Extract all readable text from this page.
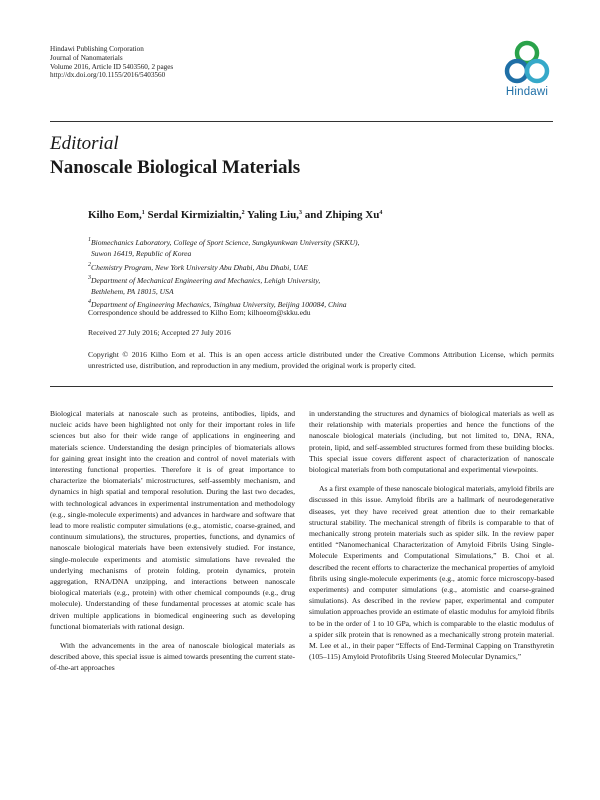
Hindawi Publishing Corporation
Journal of Nanomaterials
Volume 2016, Article ID 5403560, 2 pages
http://dx.doi.org/10.1155/2016/5403560
Hindawi
Editorial
Nanoscale Biological Materials
Kilho Eom,$^1$ Serdal Kirmizialtin,$^2$ Yaling Liu,$^3$ and Zhiping Xu$^4$
$^1$Biomechanics Laboratory, College of Sport Science, Sungkyunkwan University (SKKU),
Suwon 16419, Republic of Korea
$^2$Chemistry Program, New York University Abu Dhabi, Abu Dhabi, UAE
$^3$Department of Mechanical Engineering and Mechanics, Lehigh University,
Bethlehem, PA 18015, USA
$^4$Department of Engineering Mechanics, Tsinghua University, Beijing 100084, China
Correspondence should be addressed to Kilho Eom; kilhoeom@skku.edu
Received 27 July 2016; Accepted 27 July 2016
Copyright © 2016 Kilho Eom et al. This is an open access article distributed under the Creative Commons Attribution License, which permits unrestricted use, distribution, and reproduction in any medium, provided the original work is properly cited.

Biological materials at nanoscale such as proteins, antibodies, lipids, and nucleic acids have been highlighted not only for their important roles in life sciences but also for their wide range of applications in engineering and materials science. Understanding the design principles of biomaterials allows for gaining great insight into the creation and control of novel materials with interesting functional properties. Therefore it is of great importance to characterize the biomaterials’ microstructures, self-assembly mechanism, and dynamics in high spatial and temporal resolution. During the last two decades, with technological advances in experimental instrumentation and methodology (e.g., single-molecule experiments) and advances in hardware and software that lead to more realistic computer simulations (e.g., atomistic, coarse-grained, and continuum simulations), the structures, properties, functions, and dynamics of nanoscale biological materials have been extensively studied. For instance, single-molecule experiments and atomistic simulations have revealed the underlying mechanisms of protein folding, protein dynamics, protein aggregation, RNA/DNA unzipping, and interactions between nanoscale biological materials (e.g., protein) with other chemical compounds (e.g., drug molecule). Understanding of these fundamental processes at atomic scale has driven multiple applications in biomedical engineering such as developing functional biomaterials with rational design.

With the advancements in the area of nanoscale biological materials as described above, this special issue is aimed towards presenting the current state-of-the-art approaches

in understanding the structures and dynamics of biological materials as well as their relationship with materials properties and hence the functions of the nanoscale biological materials (including, but not limited to, DNA, RNA, protein, lipid, and self-assembled structures formed from these building blocks. This special issue covers different aspect of characterization of nanoscale biological materials from both computational and experimental viewpoints.

As a first example of these nanoscale biological materials, amyloid fibrils are discussed in this issue. Amyloid fibrils are a hallmark of neurodegenerative diseases, yet they have received great attention due to their remarkable structural stability. The mechanical strength of fibrils is comparable to that of mechanically strong protein materials such as spider silk. In the review paper entitled “Nanomechanical Characterization of Amyloid Fibrils Using Single-Molecule Experiments and Computational Simulations,” B. Choi et al. described the recent efforts to characterize the mechanical properties of amyloid fibrils using single-molecule experiments (e.g., atomic force microscopy-based experiments) and computer simulations (e.g., atomistic and coarse-grained simulations). As described in the review paper, experimental and computer simulation approaches provide an estimate of elastic modulus for amyloid fibrils to be in the order of 1 to 10 GPa, which is comparable to the elastic modulus of a spider silk protein that is renowned as a mechanically strong protein material. M. Lee et al., in their paper “Effects of End-Terminal Capping on Transthyretin (105–115) Amyloid Protofibrils Using Steered Molecular Dynamics,”
